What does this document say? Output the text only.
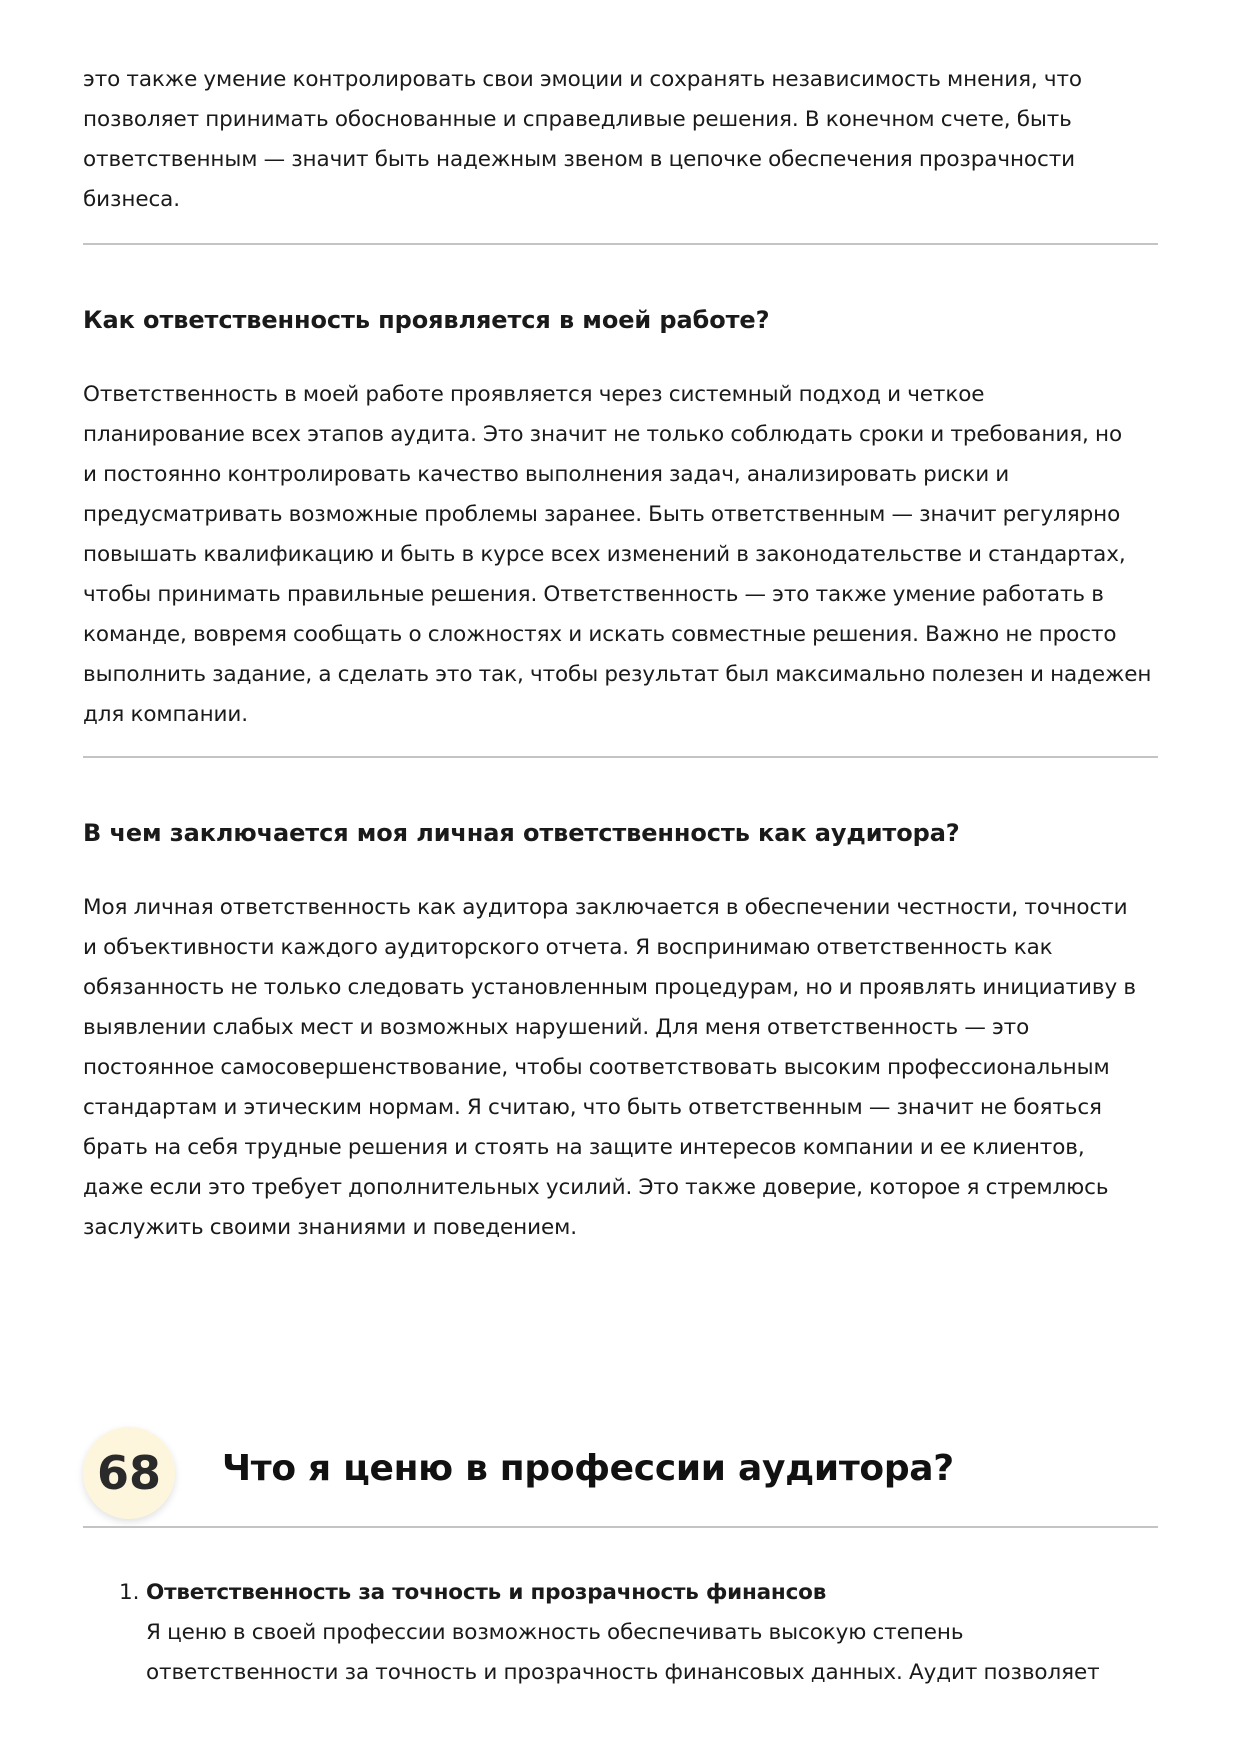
это также умение контролировать свои эмоции и сохранять независимость мнения, что

позволяет принимать обоснованные и справедливые решения. В конечном счете, быть

ответственным — значит быть надежным звеном в цепочке обеспечения прозрачности

бизнеса.

Как ответственность проявляется в моей работе?

Ответственность в моей работе проявляется через системный подход и четкое

планирование всех этапов аудита. Это значит не только соблюдать сроки и требования, но

и постоянно контролировать качество выполнения задач, анализировать риски и

предусматривать возможные проблемы заранее. Быть ответственным — значит регулярно

повышать квалификацию и быть в курсе всех изменений в законодательстве и стандартах,

чтобы принимать правильные решения. Ответственность — это также умение работать в

команде, вовремя сообщать о сложностях и искать совместные решения. Важно не просто

выполнить задание, а сделать это так, чтобы результат был максимально полезен и надежен

для компании.

В чем заключается моя личная ответственность как аудитора?

Моя личная ответственность как аудитора заключается в обеспечении честности, точности

и объективности каждого аудиторского отчета. Я воспринимаю ответственность как

обязанность не только следовать установленным процедурам, но и проявлять инициативу в

выявлении слабых мест и возможных нарушений. Для меня ответственность — это

постоянное самосовершенствование, чтобы соответствовать высоким профессиональным

стандартам и этическим нормам. Я считаю, что быть ответственным — значит не бояться

брать на себя трудные решения и стоять на защите интересов компании и ее клиентов,

даже если это требует дополнительных усилий. Это также доверие, которое я стремлюсь

заслужить своими знаниями и поведением.

68	Что я ценю в профессии аудитора?
1. Ответственность за точность и прозрачность финансов

Я ценю в своей профессии возможность обеспечивать высокую степень

ответственности за точность и прозрачность финансовых данных. Аудит позволяет
